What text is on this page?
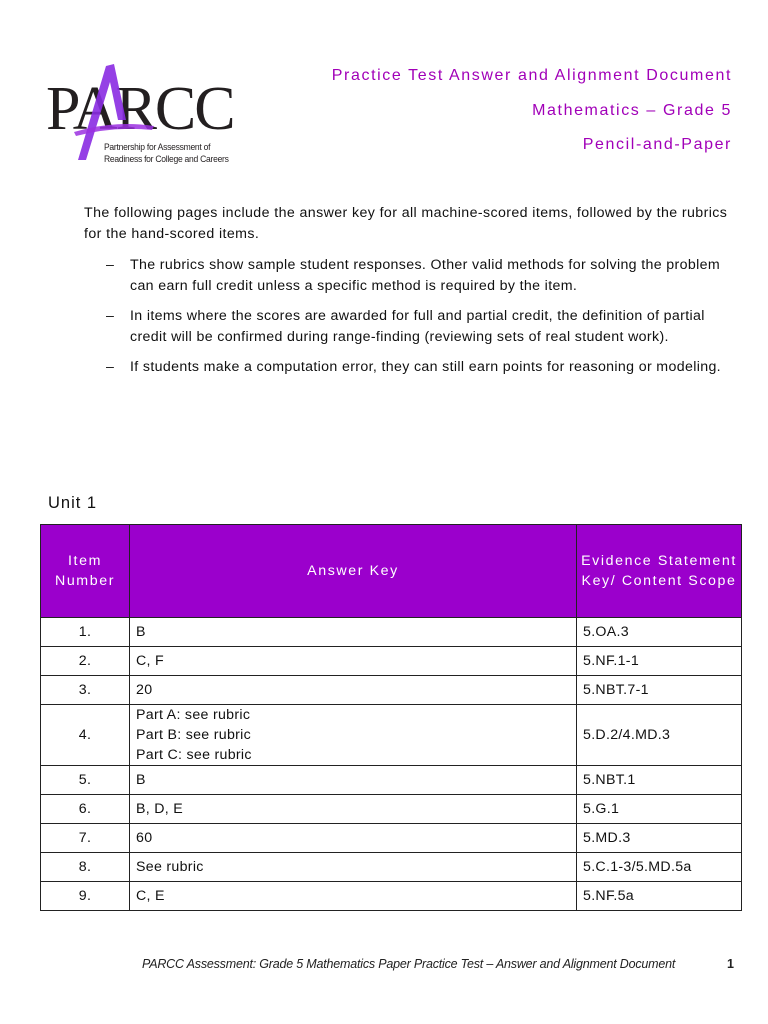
PARCC
Partnership for Assessment of
Readiness for College and Careers
Practice Test Answer and Alignment Document
Mathematics – Grade 5
Pencil-and-Paper
The following pages include the answer key for all machine-scored items, followed by the rubrics for the hand-scored items.
– The rubrics show sample student responses. Other valid methods for solving the problem can earn full credit unless a specific method is required by the item.
– In items where the scores are awarded for full and partial credit, the definition of partial credit will be confirmed during range-finding (reviewing sets of real student work).
– If students make a computation error, they can still earn points for reasoning or modeling.
Unit 1
Item Number	Answer Key	Evidence Statement Key/ Content Scope
1.	B	5.OA.3
2.	C, F	5.NF.1-1
3.	20	5.NBT.7-1
4.	Part A: see rubric
Part B: see rubric
Part C: see rubric	5.D.2/4.MD.3
5.	B	5.NBT.1
6.	B, D, E	5.G.1
7.	60	5.MD.3
8.	See rubric	5.C.1-3/5.MD.5a
9.	C, E	5.NF.5a
PARCC Assessment: Grade 5 Mathematics Paper Practice Test – Answer and Alignment Document	1
